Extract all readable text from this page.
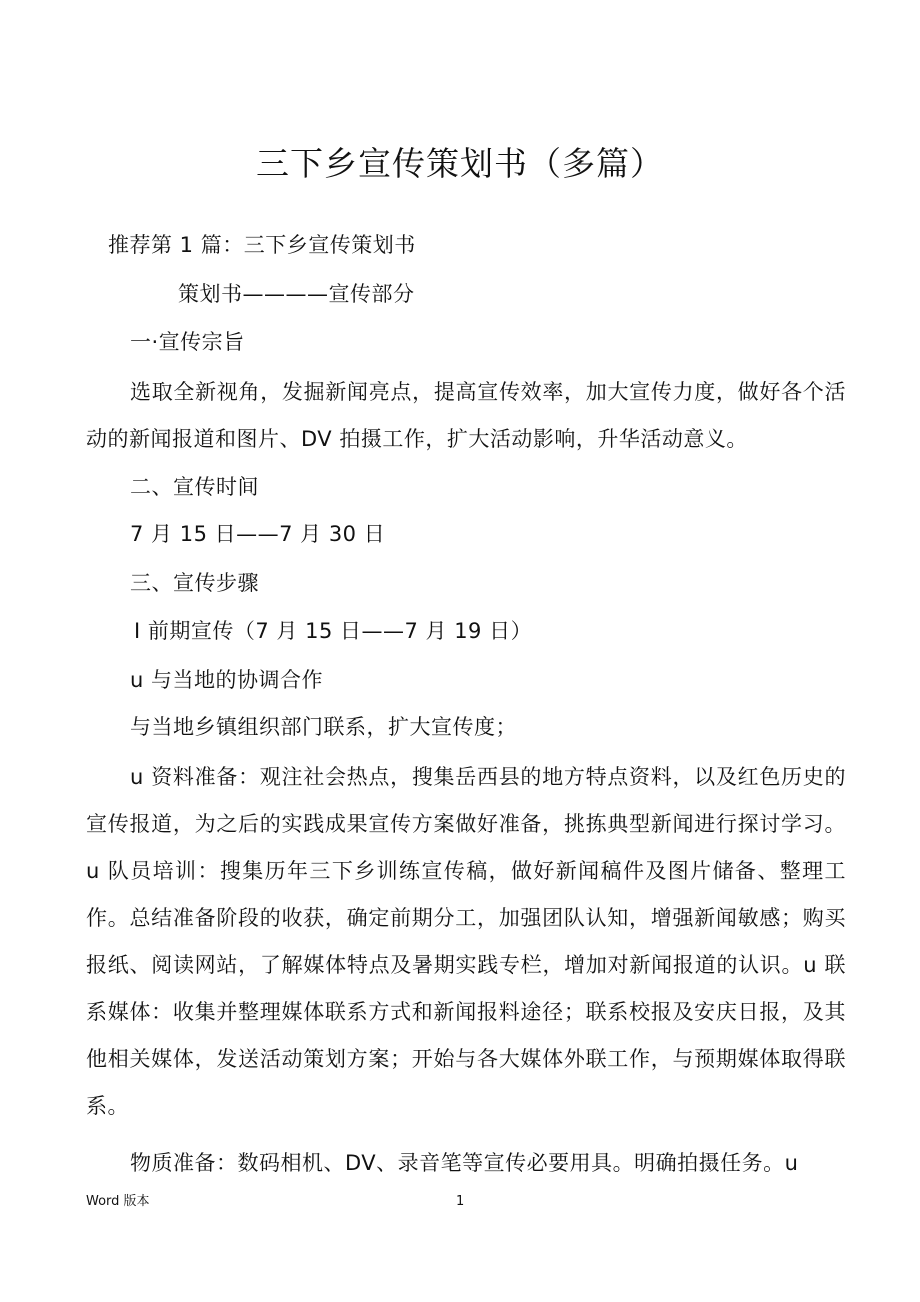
三下乡宣传策划书（多篇）
推荐第 1 篇：三下乡宣传策划书
策划书————宣传部分
一·宣传宗旨

选取全新视角，发掘新闻亮点，提高宣传效率，加大宣传力度，做好各个活动的新闻报道和图片、DV 拍摄工作，扩大活动影响，升华活动意义。

二、宣传时间
7 月 15 日——7 月 30 日
三、宣传步骤
Ⅰ 前期宣传（7 月 15 日——7 月 19 日）
u 与当地的协调合作
与当地乡镇组织部门联系，扩大宣传度；

u 资料准备：观注社会热点，搜集岳西县的地方特点资料，以及红色历史的宣传报道，为之后的实践成果宣传方案做好准备，挑拣典型新闻进行探讨学习。u 队员培训：搜集历年三下乡训练宣传稿，做好新闻稿件及图片储备、整理工作。总结准备阶段的收获，确定前期分工，加强团队认知，增强新闻敏感；购买报纸、阅读网站，了解媒体特点及暑期实践专栏，增加对新闻报道的认识。u 联系媒体：收集并整理媒体联系方式和新闻报料途径；联系校报及安庆日报，及其他相关媒体，发送活动策划方案；开始与各大媒体外联工作，与预期媒体取得联系。

物质准备：数码相机、DV、录音笔等宣传必要用具。明确拍摄任务。u
Word 版本	1
